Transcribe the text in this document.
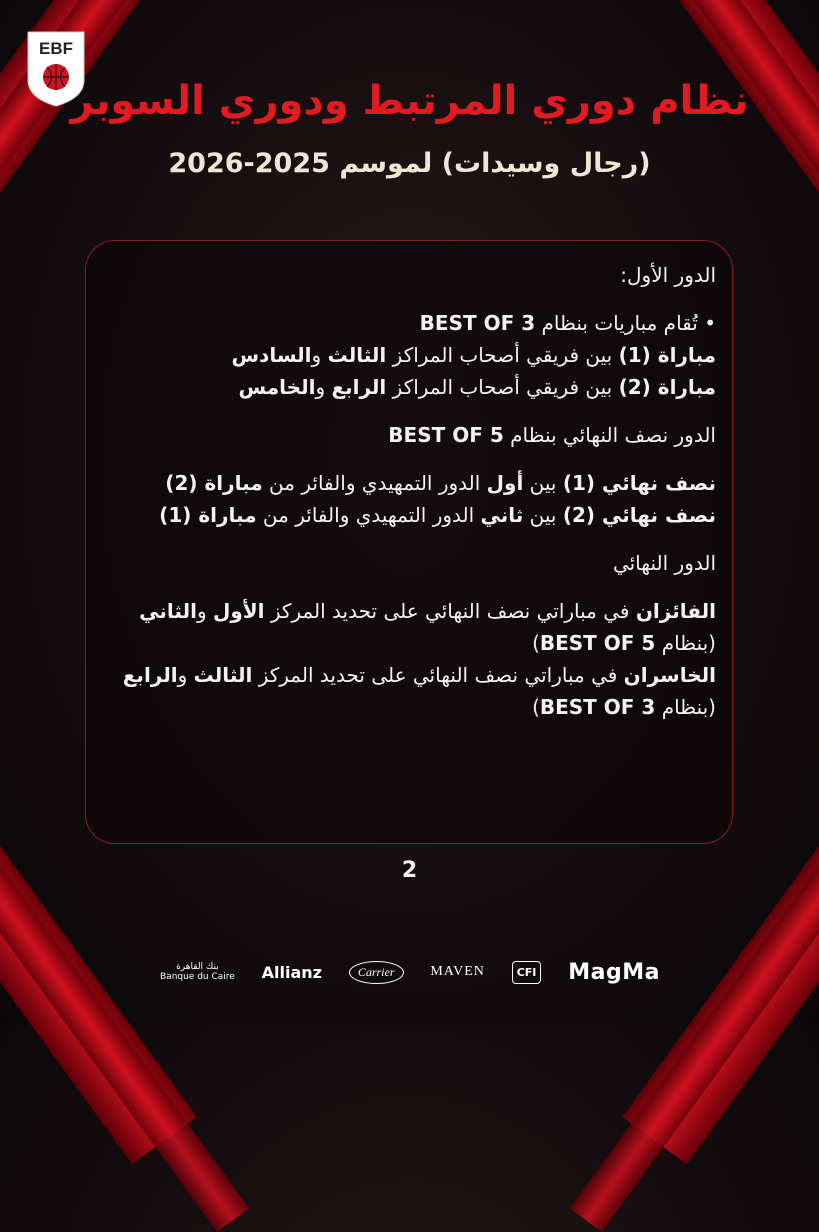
EBF
نظام دوري المرتبط ودوري السوبر
(رجال وسيدات) لموسم 2025-2026

الدور الأول:

• تُقام مباريات بنظام BEST OF 3

مباراة (1) بين فريقي أصحاب المراكز الثالث والسادس

مباراة (2) بين فريقي أصحاب المراكز الرابع والخامس

الدور نصف النهائي بنظام BEST OF 5

نصف نهائي (1) بين أول الدور التمهيدي والفائر من مباراة (2)

نصف نهائي (2) بين ثاني الدور التمهيدي والفائر من مباراة (1)

الدور النهائي

الفائزان في مباراتي نصف النهائي على تحديد المركز الأول والثاني (بنظام BEST OF 5)

الخاسران في مباراتي نصف النهائي على تحديد المركز الثالث والرابع (بنظام BEST OF 3)

2
بنك القاهرة
Banque du Caire Allianz	Carrier	MAVEN	CFI MagMa
